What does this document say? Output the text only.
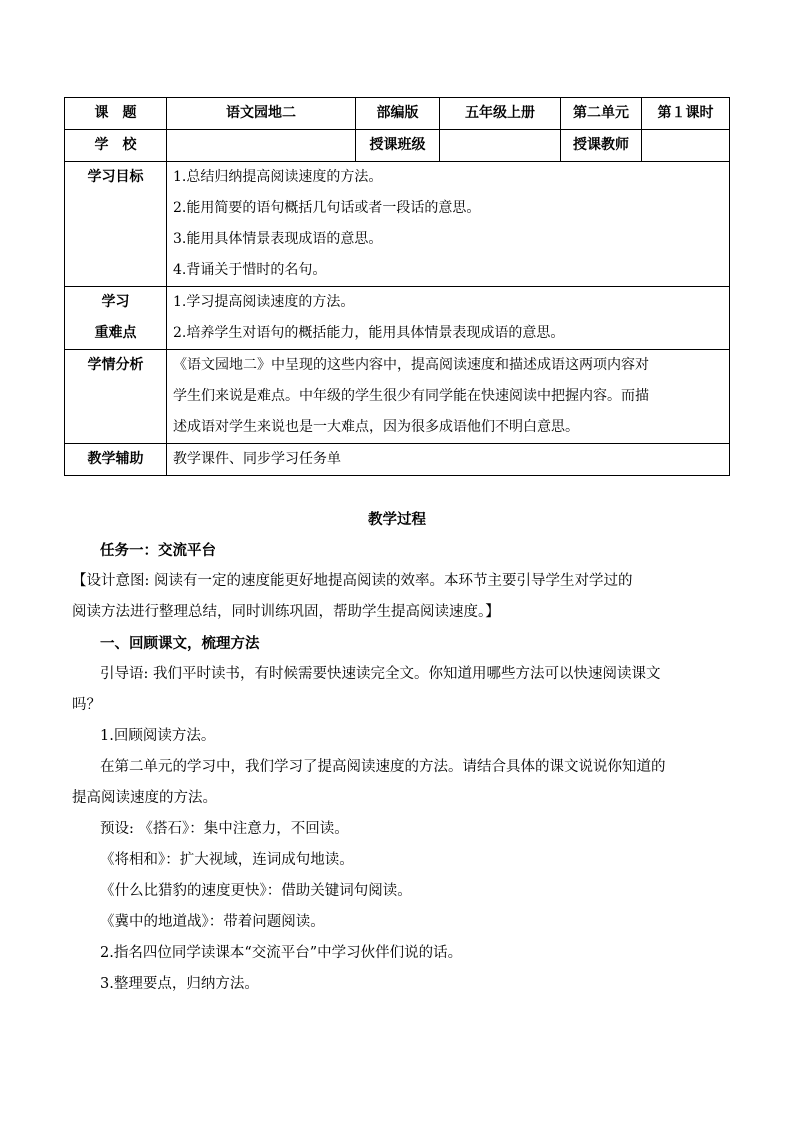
课　题	语文园地二	部编版	五年级上册	第二单元	第１课时
学　校		授课班级		授课教师	
学习目标	1.总结归纳提高阅读速度的方法。
2.能用简要的语句概括几句话或者一段话的意思。
3.能用具体情景表现成语的意思。
4.背诵关于惜时的名句。				

学习
重难点	1.学习提高阅读速度的方法。
2.培养学生对语句的概括能力，能用具体情景表现成语的意思。				

学情分析	《语文园地二》中呈现的这些内容中，提高阅读速度和描述成语这两项内容对
学生们来说是难点。中年级的学生很少有同学能在快速阅读中把握内容。而描
述成语对学生来说也是一大难点，因为很多成语他们不明白意思。				

教学辅助	教学课件、同步学习任务单				
教学过程
任务一：交流平台
【设计意图: 阅读有一定的速度能更好地提高阅读的效率。本环节主要引导学生对学过的
阅读方法进行整理总结，同时训练巩固，帮助学生提高阅读速度。】
一、回顾课文，梳理方法
引导语: 我们平时读书，有时候需要快速读完全文。你知道用哪些方法可以快速阅读课文
吗？
1.回顾阅读方法。
在第二单元的学习中，我们学习了提高阅读速度的方法。请结合具体的课文说说你知道的
提高阅读速度的方法。
预设: 《搭石》：集中注意力，不回读。
《将相和》：扩大视域，连词成句地读。
《什么比猎豹的速度更快》：借助关键词句阅读。
《冀中的地道战》：带着问题阅读。
2.指名四位同学读课本“交流平台”中学习伙伴们说的话。
3.整理要点，归纳方法。
